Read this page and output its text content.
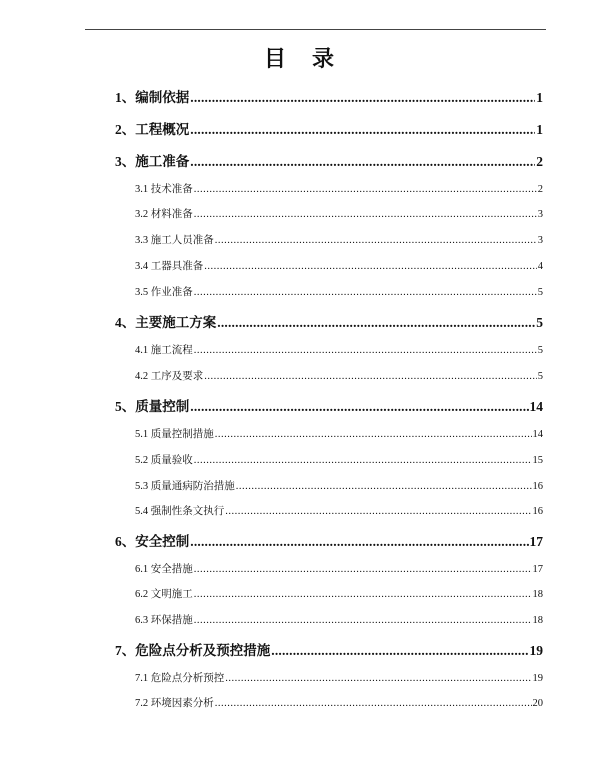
目　录
1、编制依据 .....	1
2、工程概况 .....	1
3、施工准备 .....	2
3.1 技术准备 .....	2
3.2 材料准备 .....	3
3.3 施工人员准备 .....	3
3.4 工器具准备 .....	4
3.5 作业准备 .....	5
4、主要施工方案 .....	5
4.1 施工流程 .....	5
4.2 工序及要求 .....	5
5、质量控制 .....	14
5.1 质量控制措施 .....	14
5.2 质量验收 .....	15
5.3 质量通病防治措施 .....	16
5.4 强制性条文执行 .....	16
6、安全控制 .....	17
6.1 安全措施 .....	17
6.2 文明施工 .....	18
6.3 环保措施 .....	18
7、危险点分析及预控措施 .....	19
7.1 危险点分析预控 .....	19
7.2 环境因素分析 .....	20
